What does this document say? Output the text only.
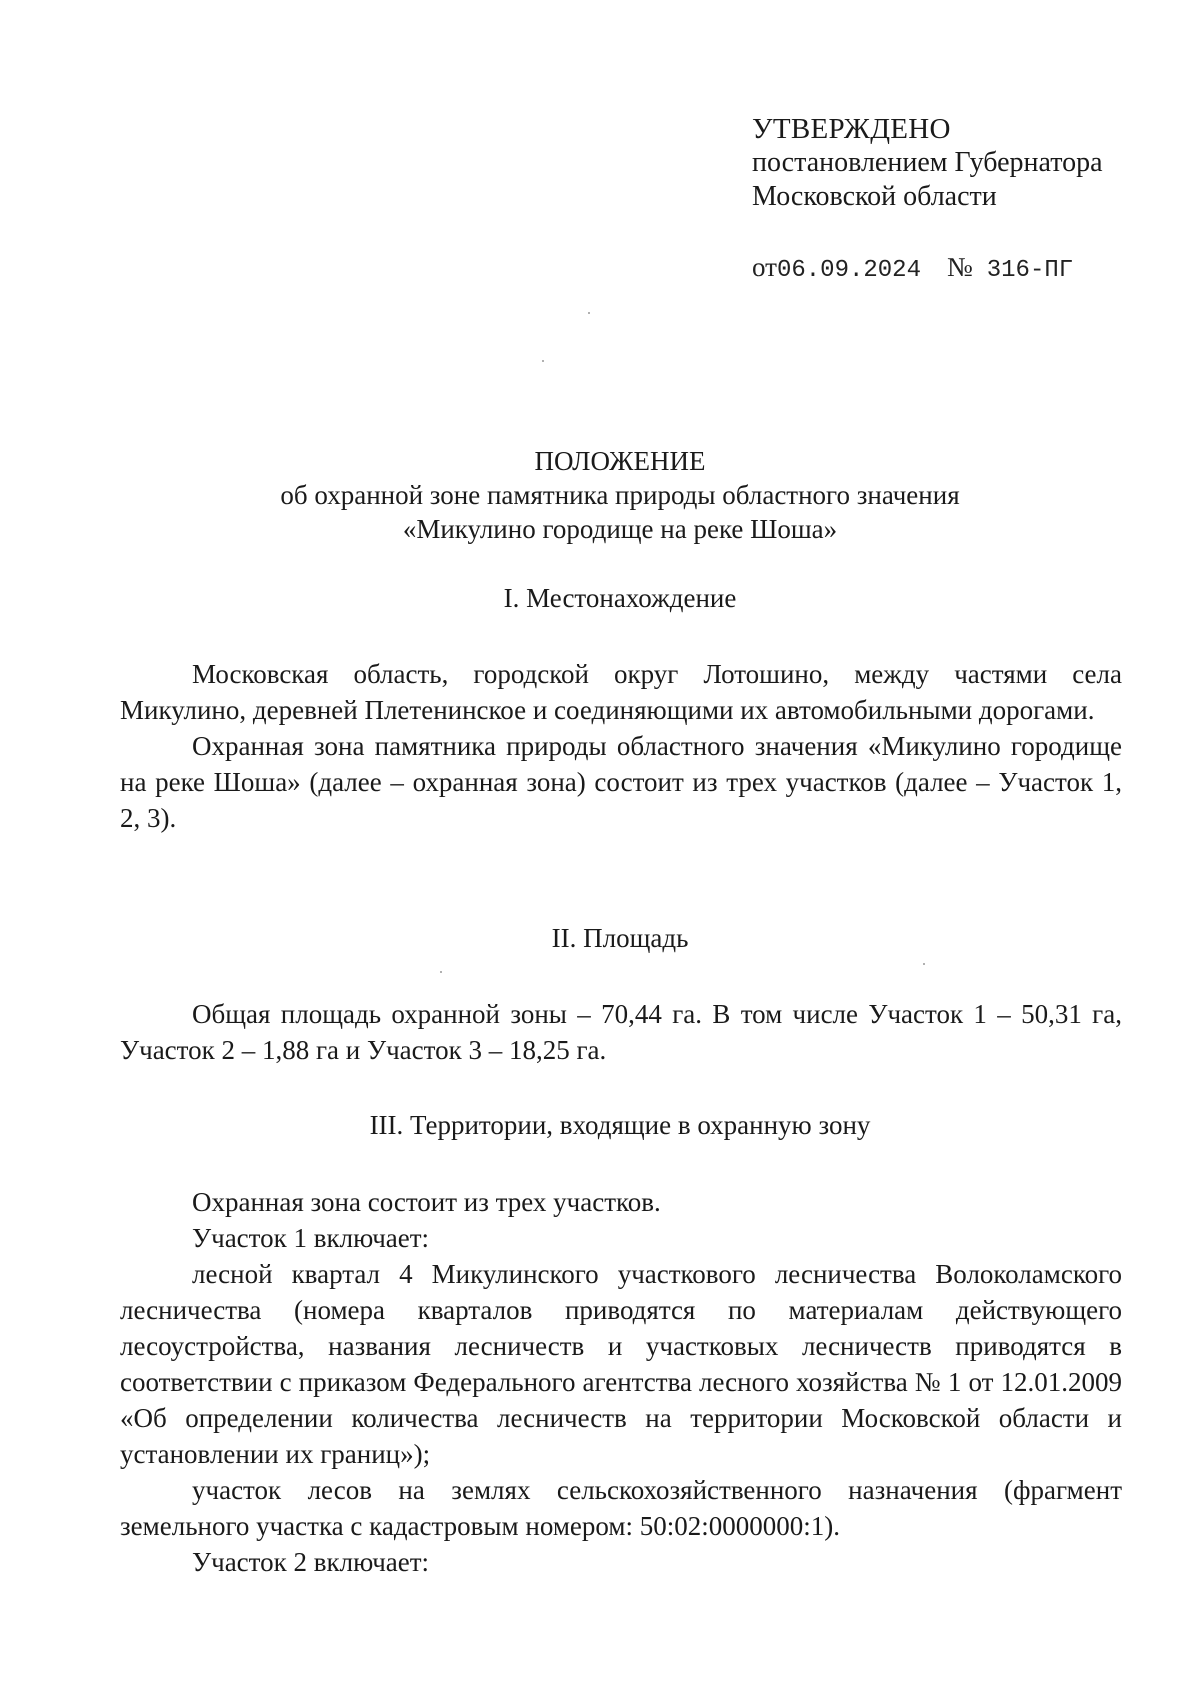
УТВЕРЖДЕНО
постановлением Губернатора
Московской области
от06.09.2024 № 316-ПГ
ПОЛОЖЕНИЕ
об охранной зоне памятника природы областного значения
«Микулино городище на реке Шоша»
I. Местонахождение

Московская область, городской округ Лотошино, между частями села Микулино, деревней Плетенинское и соединяющими их автомобильными дорогами.

Охранная зона памятника природы областного значения «Микулино городище на реке Шоша» (далее – охранная зона) состоит из трех участков (далее – Участок 1, 2, 3).

II. Площадь

Общая площадь охранной зоны – 70,44 га. В том числе Участок 1 – 50,31 га, Участок 2 – 1,88 га и Участок 3 – 18,25 га.

III. Территории, входящие в охранную зону

Охранная зона состоит из трех участков.

Участок 1 включает:

лесной квартал 4 Микулинского участкового лесничества Волоколамского лесничества (номера кварталов приводятся по материалам действующего лесоустройства, названия лесничеств и участковых лесничеств приводятся в соответствии с приказом Федерального агентства лесного хозяйства № 1 от 12.01.2009 «Об определении количества лесничеств на территории Московской области и установлении их границ»);

участок лесов на землях сельскохозяйственного назначения (фрагмент земельного участка с кадастровым номером: 50:02:0000000:1).

Участок 2 включает:
